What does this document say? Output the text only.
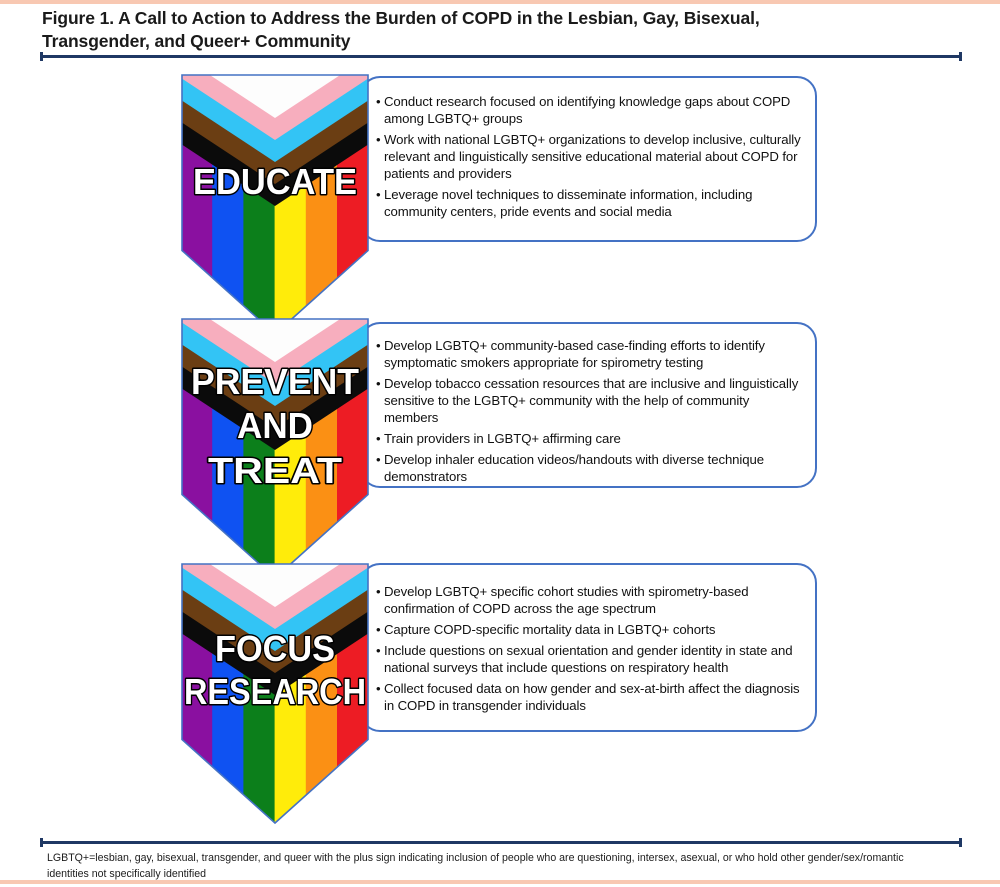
Figure 1. A Call to Action to Address the Burden of COPD in the Lesbian, Gay, Bisexual,
Transgender, and Queer+ Community
• Conduct research focused on identifying knowledge gaps about COPD among LGBTQ+ groups
• Work with national LGBTQ+ organizations to develop inclusive, culturally relevant and linguistically sensitive educational material about COPD for patients and providers
• Leverage novel techniques to disseminate information, including community centers, pride events and social media
• Develop LGBTQ+ community-based case-finding efforts to identify symptomatic smokers appropriate for spirometry testing
• Develop tobacco cessation resources that are inclusive and linguistically sensitive to the LGBTQ+ community with the help of community members
• Train providers in LGBTQ+ affirming care
• Develop inhaler education videos/handouts with diverse technique demonstrators
• Develop LGBTQ+ specific cohort studies with spirometry-based confirmation of COPD across the age spectrum
• Capture COPD-specific mortality data in LGBTQ+ cohorts
• Include questions on sexual orientation and gender identity in state and national surveys that include questions on respiratory health
• Collect focused data on how gender and sex-at-birth affect the diagnosis in COPD in transgender individuals
EDUCATE
PREVENT
AND
TREAT
FOCUS
RESEARCH
LGBTQ+=lesbian, gay, bisexual, transgender, and queer with the plus sign indicating inclusion of people who are questioning, intersex, asexual, or who hold other gender/sex/romantic identities not specifically identified
